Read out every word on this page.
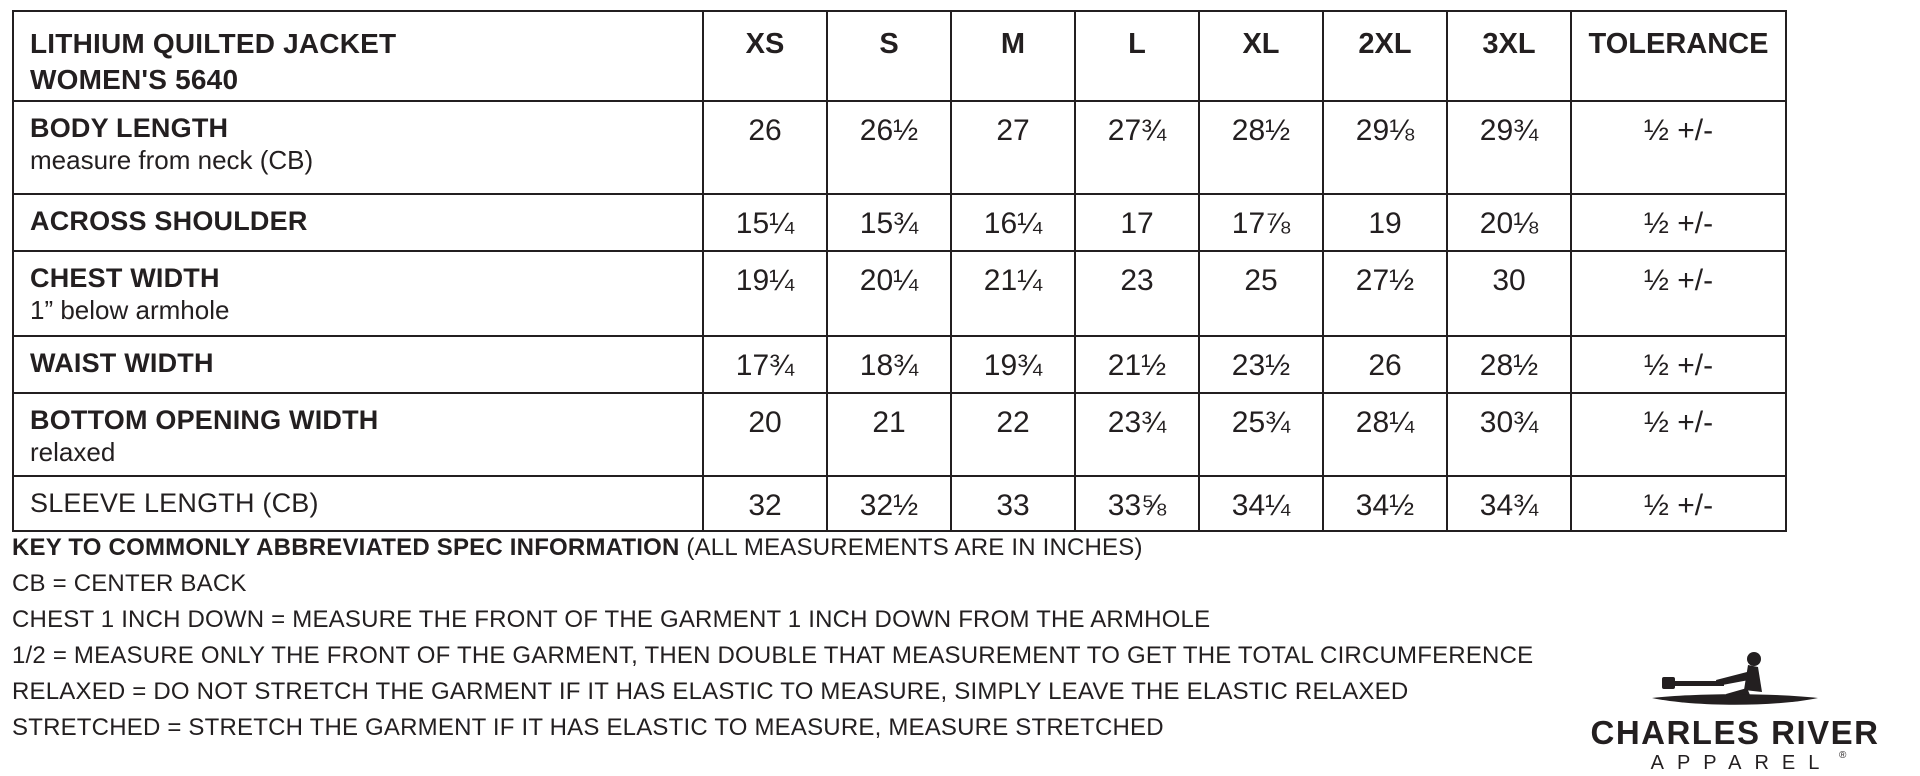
LITHIUM QUILTED JACKET
WOMEN'S 5640	XS	S	M	L	XL	2XL	3XL	TOLERANCE

BODY LENGTH
measure from neck (CB)	26	26½	27	27¾	28½	29⅛	29¾	½ +/-

ACROSS SHOULDER	15¼	15¾	16¼	17	17⅞	19	20⅛	½ +/-

CHEST WIDTH
1” below armhole	19¼	20¼	21¼	23	25	27½	30	½ +/-

WAIST WIDTH	17¾	18¾	19¾	21½	23½	26	28½	½ +/-

BOTTOM OPENING WIDTH
relaxed	20	21	22	23¾	25¾	28¼	30¾	½ +/-

SLEEVE LENGTH (CB)	32	32½	33	33⅝	34¼	34½	34¾	½ +/-

KEY TO COMMONLY ABBREVIATED SPEC INFORMATION (ALL MEASUREMENTS ARE IN INCHES)

CB = CENTER BACK

CHEST 1 INCH DOWN = MEASURE THE FRONT OF THE GARMENT 1 INCH DOWN FROM THE ARMHOLE

1/2 = MEASURE ONLY THE FRONT OF THE GARMENT, THEN DOUBLE THAT MEASUREMENT TO GET THE TOTAL CIRCUMFERENCE

RELAXED = DO NOT STRETCH THE GARMENT IF IT HAS ELASTIC TO MEASURE, SIMPLY LEAVE THE ELASTIC RELAXED

STRETCHED = STRETCH THE GARMENT IF IT HAS ELASTIC TO MEASURE, MEASURE STRETCHED	CHARLES RIVER
APPAREL ®
